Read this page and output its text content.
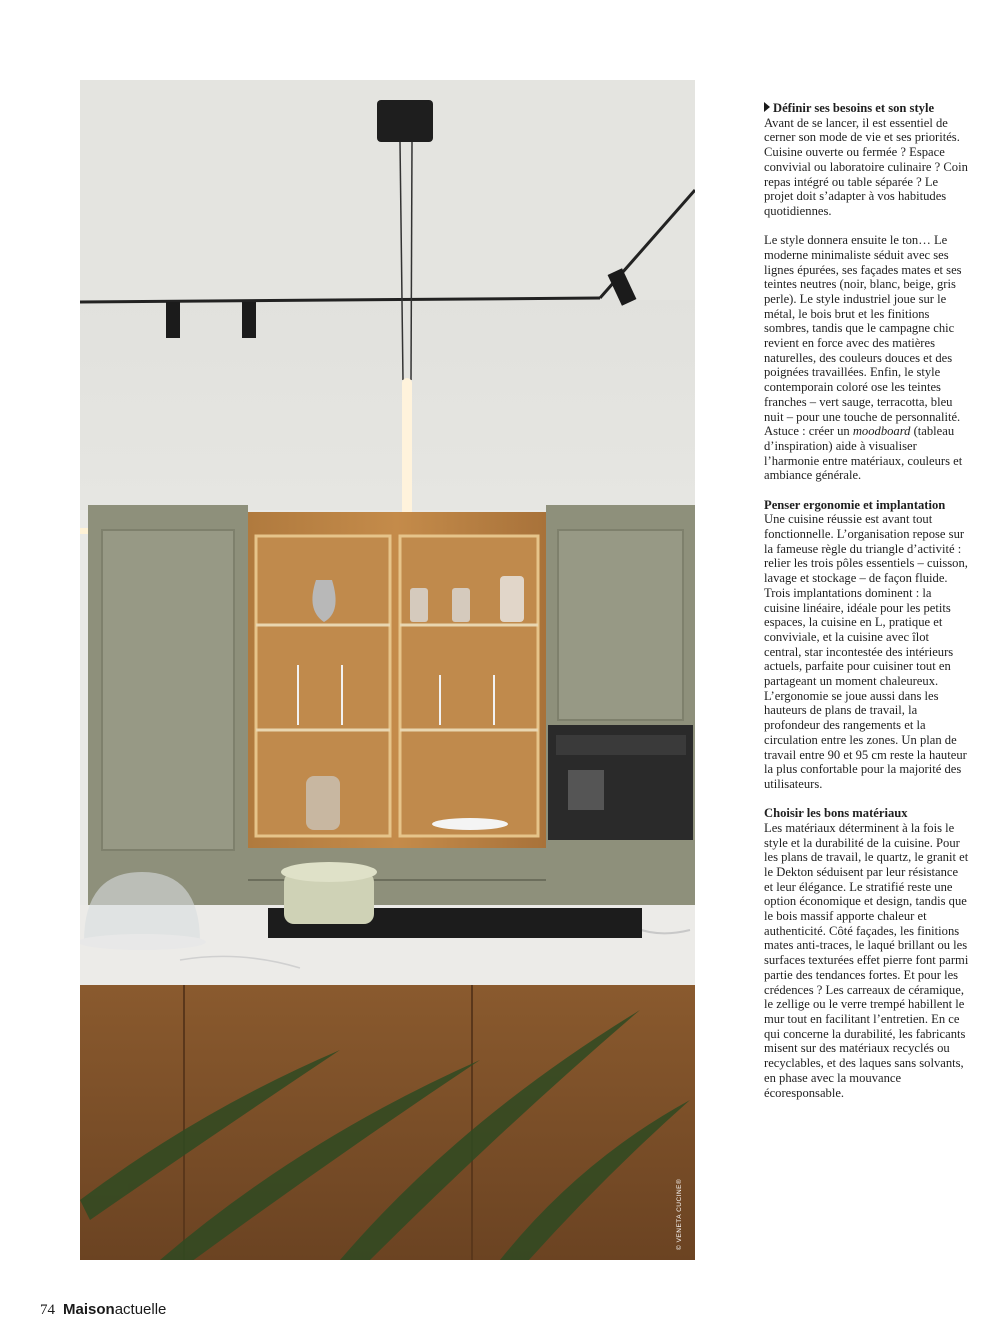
© VENETA CUCINE®
Définir ses besoins et son style

Avant de se lancer, il est essentiel de cerner son mode de vie et ses priorités. Cuisine ouverte ou fermée ? Espace convivial ou laboratoire culinaire ? Coin repas intégré ou table séparée ? Le projet doit s’adapter à vos habitudes quotidiennes.

Le style donnera ensuite le ton… Le moderne minimaliste séduit avec ses lignes épurées, ses façades mates et ses teintes neutres (noir, blanc, beige, gris perle). Le style industriel joue sur le métal, le bois brut et les finitions sombres, tandis que le campagne chic revient en force avec des matières naturelles, des couleurs douces et des poignées travaillées. Enfin, le style contemporain coloré ose les teintes franches – vert sauge, terracotta, bleu nuit – pour une touche de personnalité. Astuce : créer un moodboard (tableau d’inspiration) aide à visualiser l’harmonie entre matériaux, couleurs et ambiance générale.

Penser ergonomie et implantation

Une cuisine réussie est avant tout fonctionnelle. L’organisation repose sur la fameuse règle du triangle d’activité : relier les trois pôles essentiels – cuisson, lavage et stockage – de façon fluide. Trois implantations dominent : la cuisine linéaire, idéale pour les petits espaces, la cuisine en L, pratique et conviviale, et la cuisine avec îlot central, star incontestée des intérieurs actuels, parfaite pour cuisiner tout en partageant un moment chaleureux. L’ergonomie se joue aussi dans les hauteurs de plans de travail, la profondeur des rangements et la circulation entre les zones. Un plan de travail entre 90 et 95 cm reste la hauteur la plus confortable pour la majorité des utilisateurs.

Choisir les bons matériaux

Les matériaux déterminent à la fois le style et la durabilité de la cuisine. Pour les plans de travail, le quartz, le granit et le Dekton séduisent par leur résistance et leur élégance. Le stratifié reste une option économique et design, tandis que le bois massif apporte chaleur et authenticité. Côté façades, les finitions mates anti-traces, le laqué brillant ou les surfaces texturées effet pierre font parmi partie des tendances fortes. Et pour les crédences ? Les carreaux de céramique, le zellige ou le verre trempé habillent le mur tout en facilitant l’entretien. En ce qui concerne la durabilité, les fabricants misent sur des matériaux recyclés ou recyclables, et des laques sans solvants, en phase avec la mouvance écoresponsable.

74 Maisonactuelle
